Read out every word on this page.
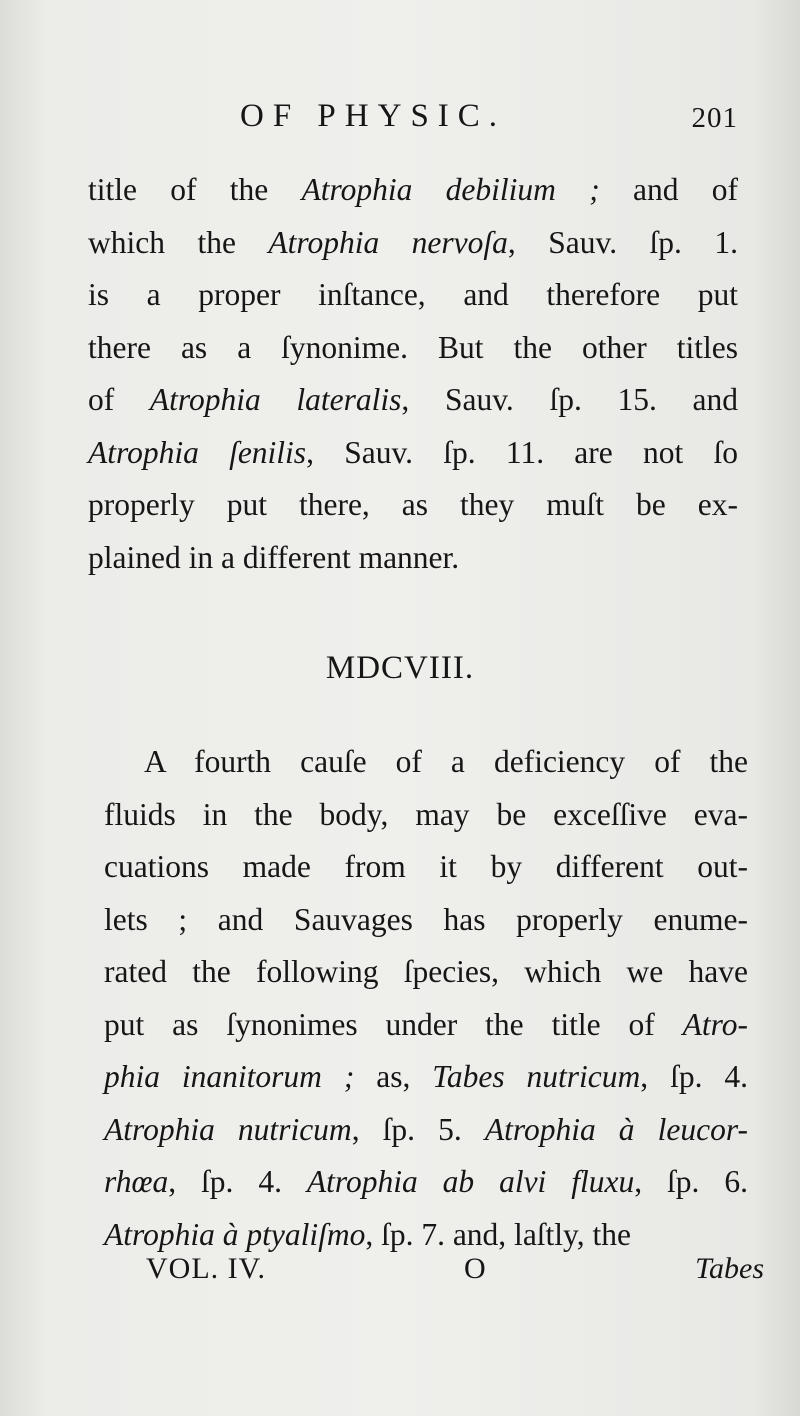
OF PHYSIC.	201
title of the Atrophia debilium ; and of
which the Atrophia nervoſa, Sauv. ſp. 1.
is a proper inſtance, and therefore put
there as a ſynonime. But the other titles
of Atrophia lateralis, Sauv. ſp. 15. and
Atrophia ſenilis, Sauv. ſp. 11. are not ſo
properly put there, as they muſt be ex-
plained in a different manner.
MDCVIII.
A fourth cauſe of a deficiency of the
fluids in the body, may be exceſſive eva-
cuations made from it by different out-
lets ; and Sauvages has properly enume-
rated the following ſpecies, which we have
put as ſynonimes under the title of Atro-
phia inanitorum ; as, Tabes nutricum, ſp. 4.
Atrophia nutricum, ſp. 5. Atrophia à leucor-
rhœa, ſp. 4. Atrophia ab alvi fluxu, ſp. 6.
Atrophia à ptyaliſmo, ſp. 7. and, laſtly, the
VOL. IV.	O	Tabes
